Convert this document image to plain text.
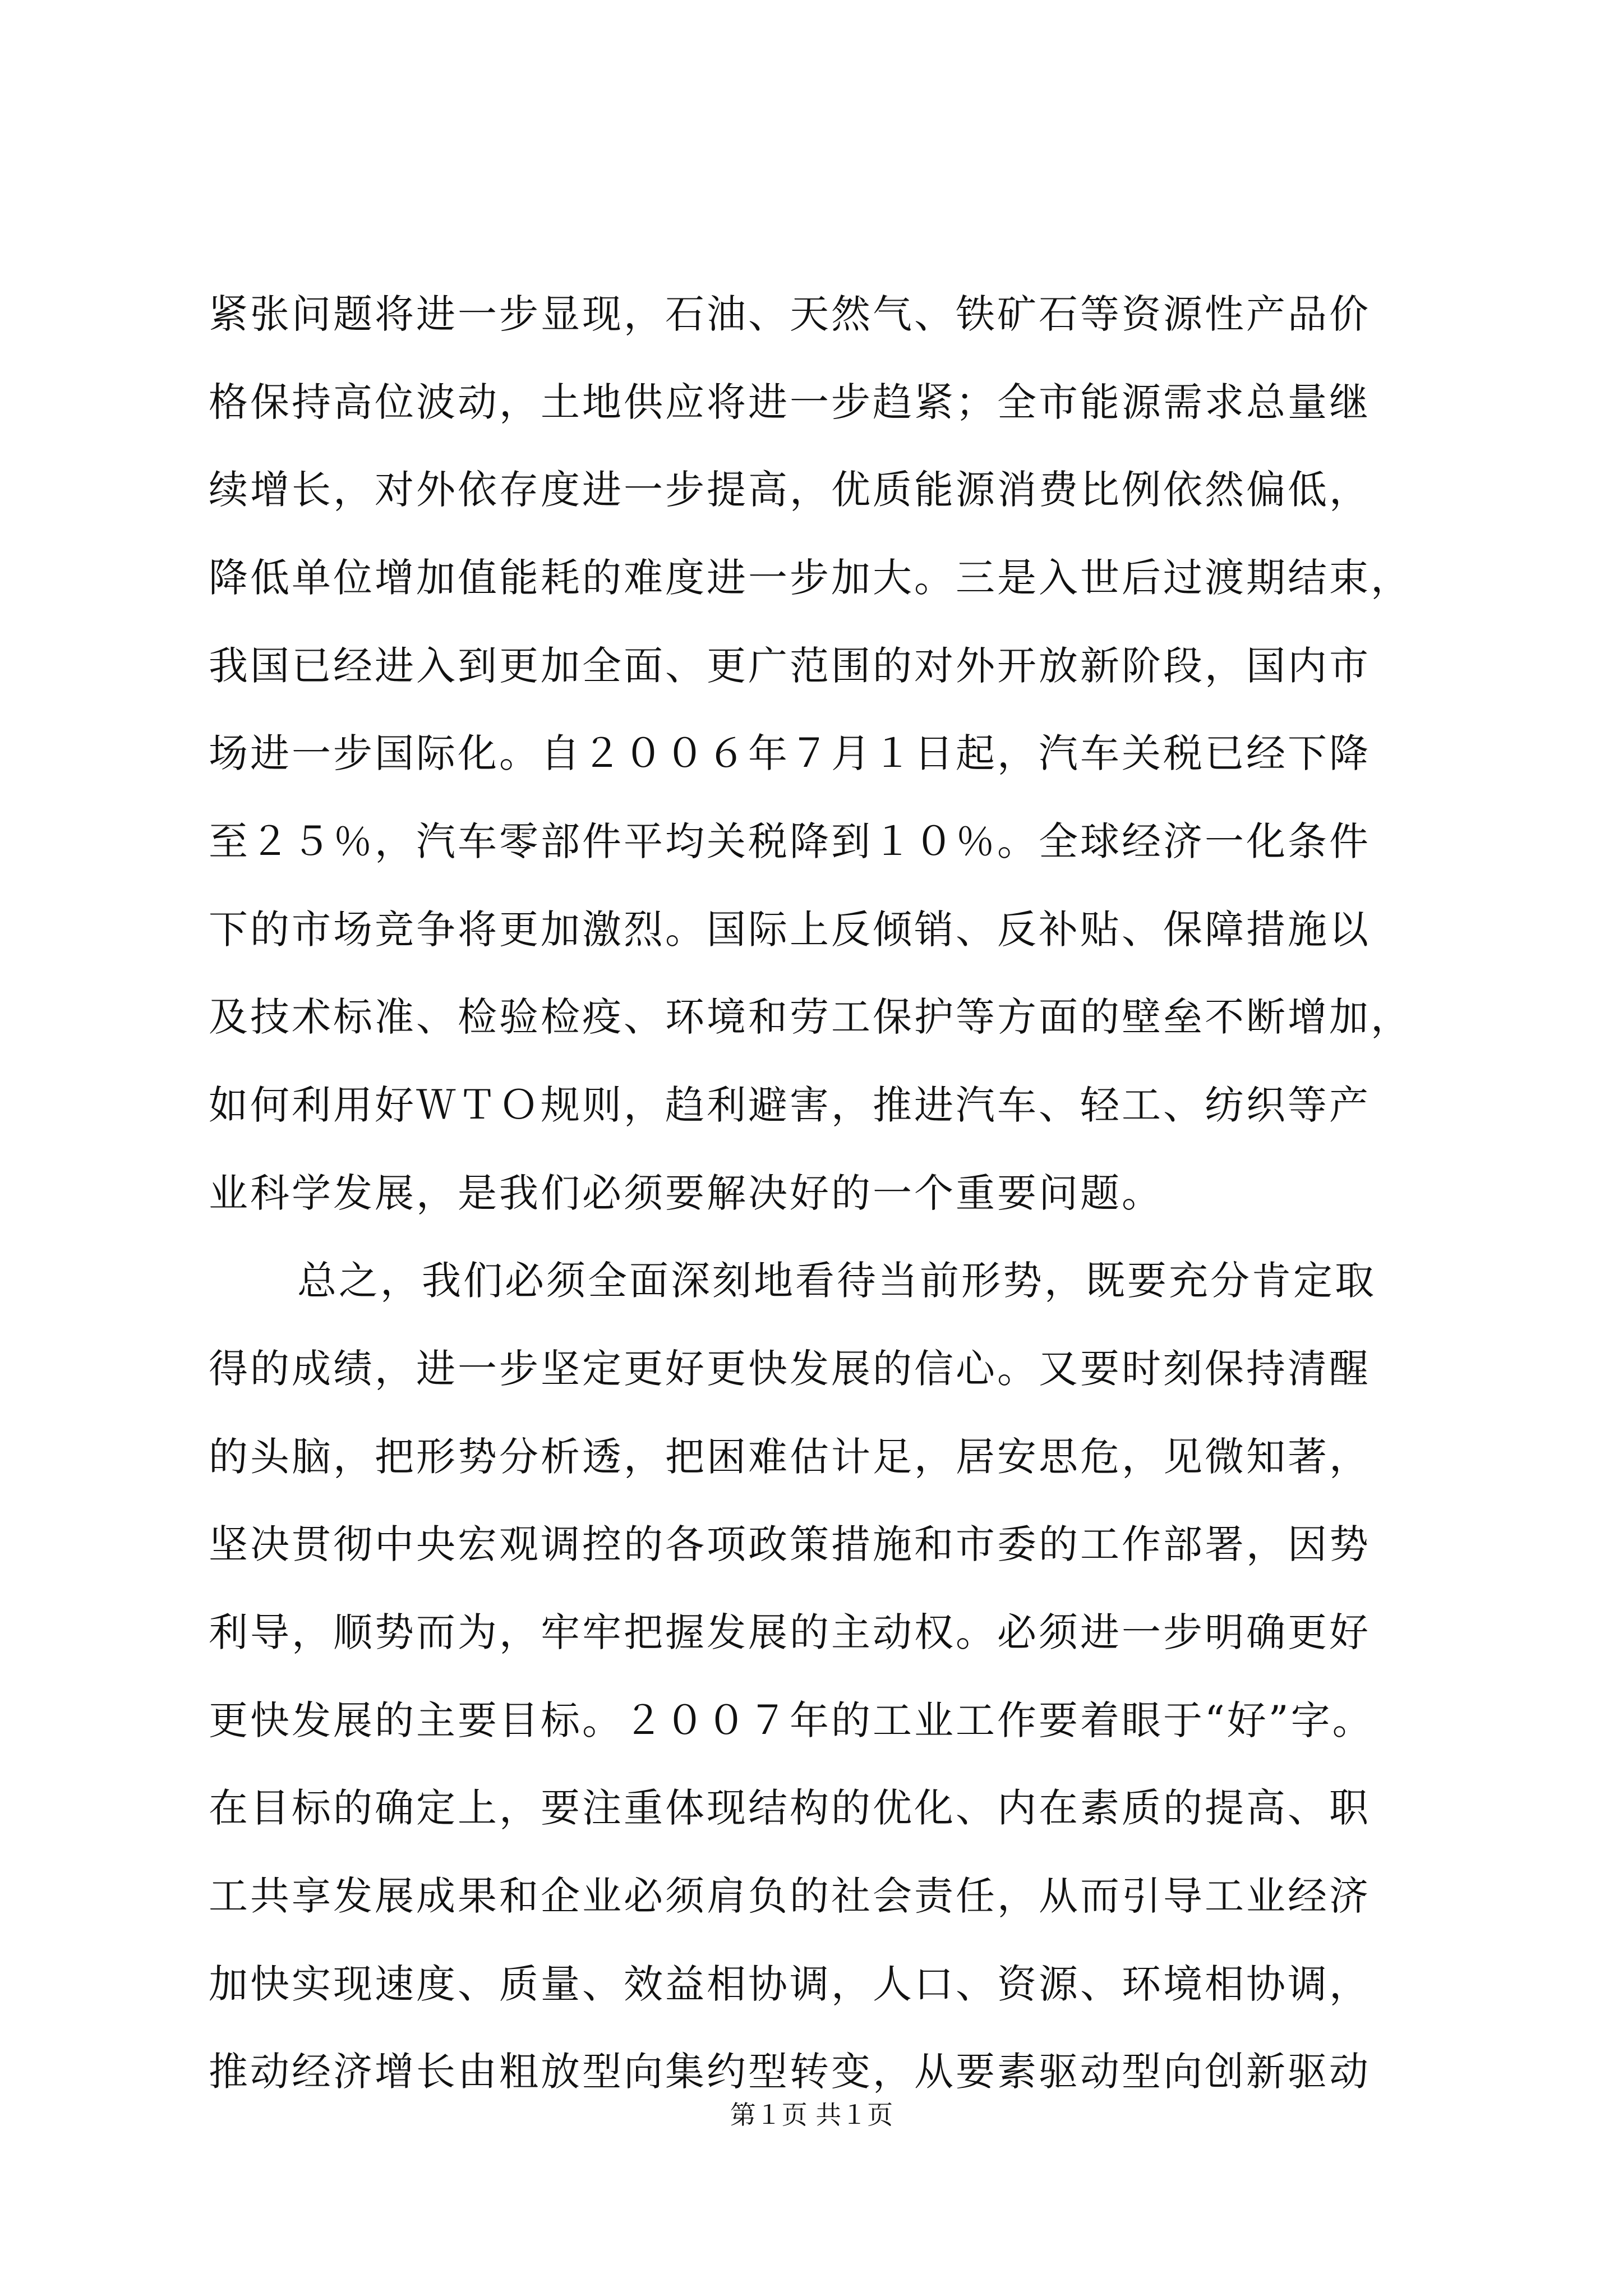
紧张问题将进一步显现，石油、天然气、铁矿石等资源性产品价
格保持高位波动，土地供应将进一步趋紧；全市能源需求总量继
续增长，对外依存度进一步提高，优质能源消费比例依然偏低，
降低单位增加值能耗的难度进一步加大。三是入世后过渡期结束，
我国已经进入到更加全面、更广范围的对外开放新阶段，国内市
场进一步国际化。自２００６年７月１日起，汽车关税已经下降
至２５％，汽车零部件平均关税降到１０％。全球经济一化条件
下的市场竞争将更加激烈。国际上反倾销、反补贴、保障措施以
及技术标准、检验检疫、环境和劳工保护等方面的壁垒不断增加，
如何利用好ＷＴＯ规则，趋利避害，推进汽车、轻工、纺织等产
业科学发展，是我们必须要解决好的一个重要问题。
总之，我们必须全面深刻地看待当前形势，既要充分肯定取
得的成绩，进一步坚定更好更快发展的信心。又要时刻保持清醒
的头脑，把形势分析透，把困难估计足，居安思危，见微知著，
坚决贯彻中央宏观调控的各项政策措施和市委的工作部署，因势
利导，顺势而为，牢牢把握发展的主动权。必须进一步明确更好
更快发展的主要目标。２００７年的工业工作要着眼于“好”字。
在目标的确定上，要注重体现结构的优化、内在素质的提高、职
工共享发展成果和企业必须肩负的社会责任，从而引导工业经济
加快实现速度、质量、效益相协调，人口、资源、环境相协调，
推动经济增长由粗放型向集约型转变，从要素驱动型向创新驱动
第１页 共１页
